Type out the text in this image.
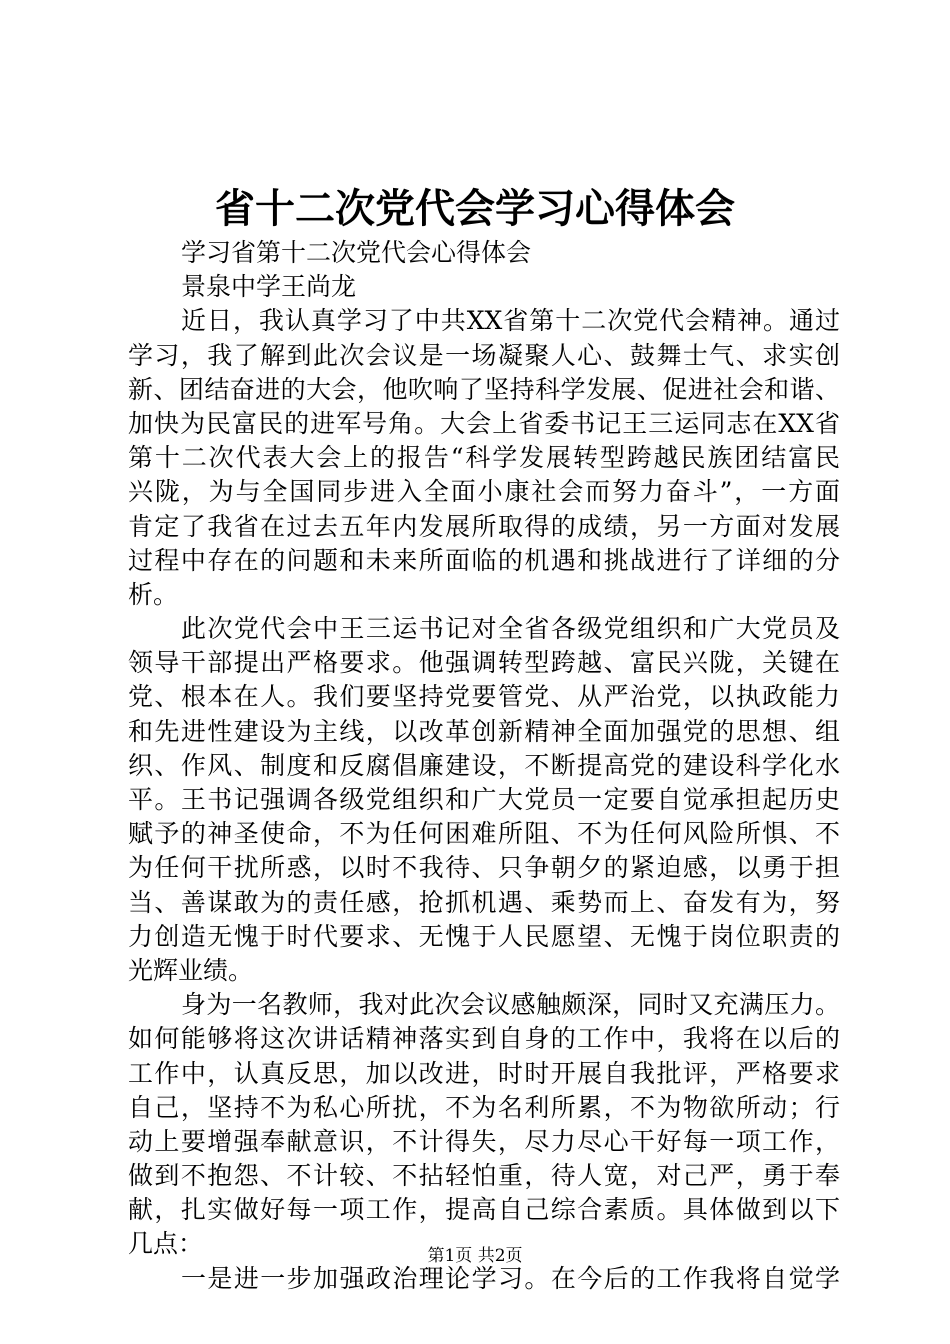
省十二次党代会学习心得体会
学习省第十二次党代会心得体会
景泉中学王尚龙
近日，我认真学习了中共XX省第十二次党代会精神。通过
学习，我了解到此次会议是一场凝聚人心、鼓舞士气、求实创
新、团结奋进的大会，他吹响了坚持科学发展、促进社会和谐、
加快为民富民的进军号角。大会上省委书记王三运同志在XX省
第十二次代表大会上的报告“科学发展转型跨越民族团结富民
兴陇，为与全国同步进入全面小康社会而努力奋斗”，一方面
肯定了我省在过去五年内发展所取得的成绩，另一方面对发展
过程中存在的问题和未来所面临的机遇和挑战进行了详细的分
析。
此次党代会中王三运书记对全省各级党组织和广大党员及
领导干部提出严格要求。他强调转型跨越、富民兴陇，关键在
党、根本在人。我们要坚持党要管党、从严治党，以执政能力
和先进性建设为主线，以改革创新精神全面加强党的思想、组
织、作风、制度和反腐倡廉建设，不断提高党的建设科学化水
平。王书记强调各级党组织和广大党员一定要自觉承担起历史
赋予的神圣使命，不为任何困难所阻、不为任何风险所惧、不
为任何干扰所惑，以时不我待、只争朝夕的紧迫感，以勇于担
当、善谋敢为的责任感，抢抓机遇、乘势而上、奋发有为，努
力创造无愧于时代要求、无愧于人民愿望、无愧于岗位职责的
光辉业绩。
身为一名教师，我对此次会议感触颇深，同时又充满压力。
如何能够将这次讲话精神落实到自身的工作中，我将在以后的
工作中，认真反思，加以改进，时时开展自我批评，严格要求
自己，坚持不为私心所扰，不为名利所累，不为物欲所动；行
动上要增强奉献意识，不计得失，尽力尽心干好每一项工作，
做到不抱怨、不计较、不拈轻怕重，待人宽，对己严，勇于奉
献，扎实做好每一项工作，提高自己综合素质。具体做到以下
几点：
一是进一步加强政治理论学习。在今后的工作我将自觉学
第1页 共2页
